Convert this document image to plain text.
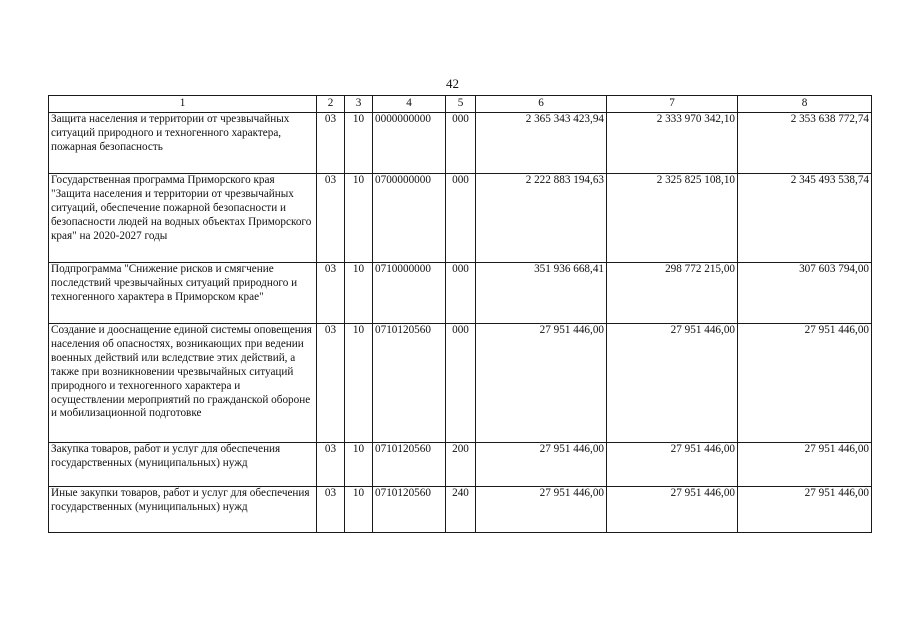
42
1	2	3	4	5	6	7	8
Защита населения и территории от чрезвычайных ситуаций природного и техногенного характера, пожарная безопасность	03	10	0000000000	000	2 365 343 423,94	2 333 970 342,10	2 353 638 772,74
Государственная программа Приморского края "Защита населения и территории от чрезвычайных ситуаций, обеспечение пожарной безопасности и безопасности людей на водных объектах Приморского края" на 2020-2027 годы	03	10	0700000000	000	2 222 883 194,63	2 325 825 108,10	2 345 493 538,74
Подпрограмма "Снижение рисков и смягчение последствий чрезвычайных ситуаций природного и техногенного характера в Приморском крае"	03	10	0710000000	000	351 936 668,41	298 772 215,00	307 603 794,00
Создание и дооснащение единой системы оповещения населения об опасностях, возникающих при ведении военных действий или вследствие этих действий, а также при возникновении чрезвычайных ситуаций природного и техногенного характера и осуществлении мероприятий по гражданской обороне и мобилизационной подготовке	03	10	0710120560	000	27 951 446,00	27 951 446,00	27 951 446,00
Закупка товаров, работ и услуг для обеспечения государственных (муниципальных) нужд	03	10	0710120560	200	27 951 446,00	27 951 446,00	27 951 446,00
Иные закупки товаров, работ и услуг для обеспечения государственных (муниципальных) нужд	03	10	0710120560	240	27 951 446,00	27 951 446,00	27 951 446,00
